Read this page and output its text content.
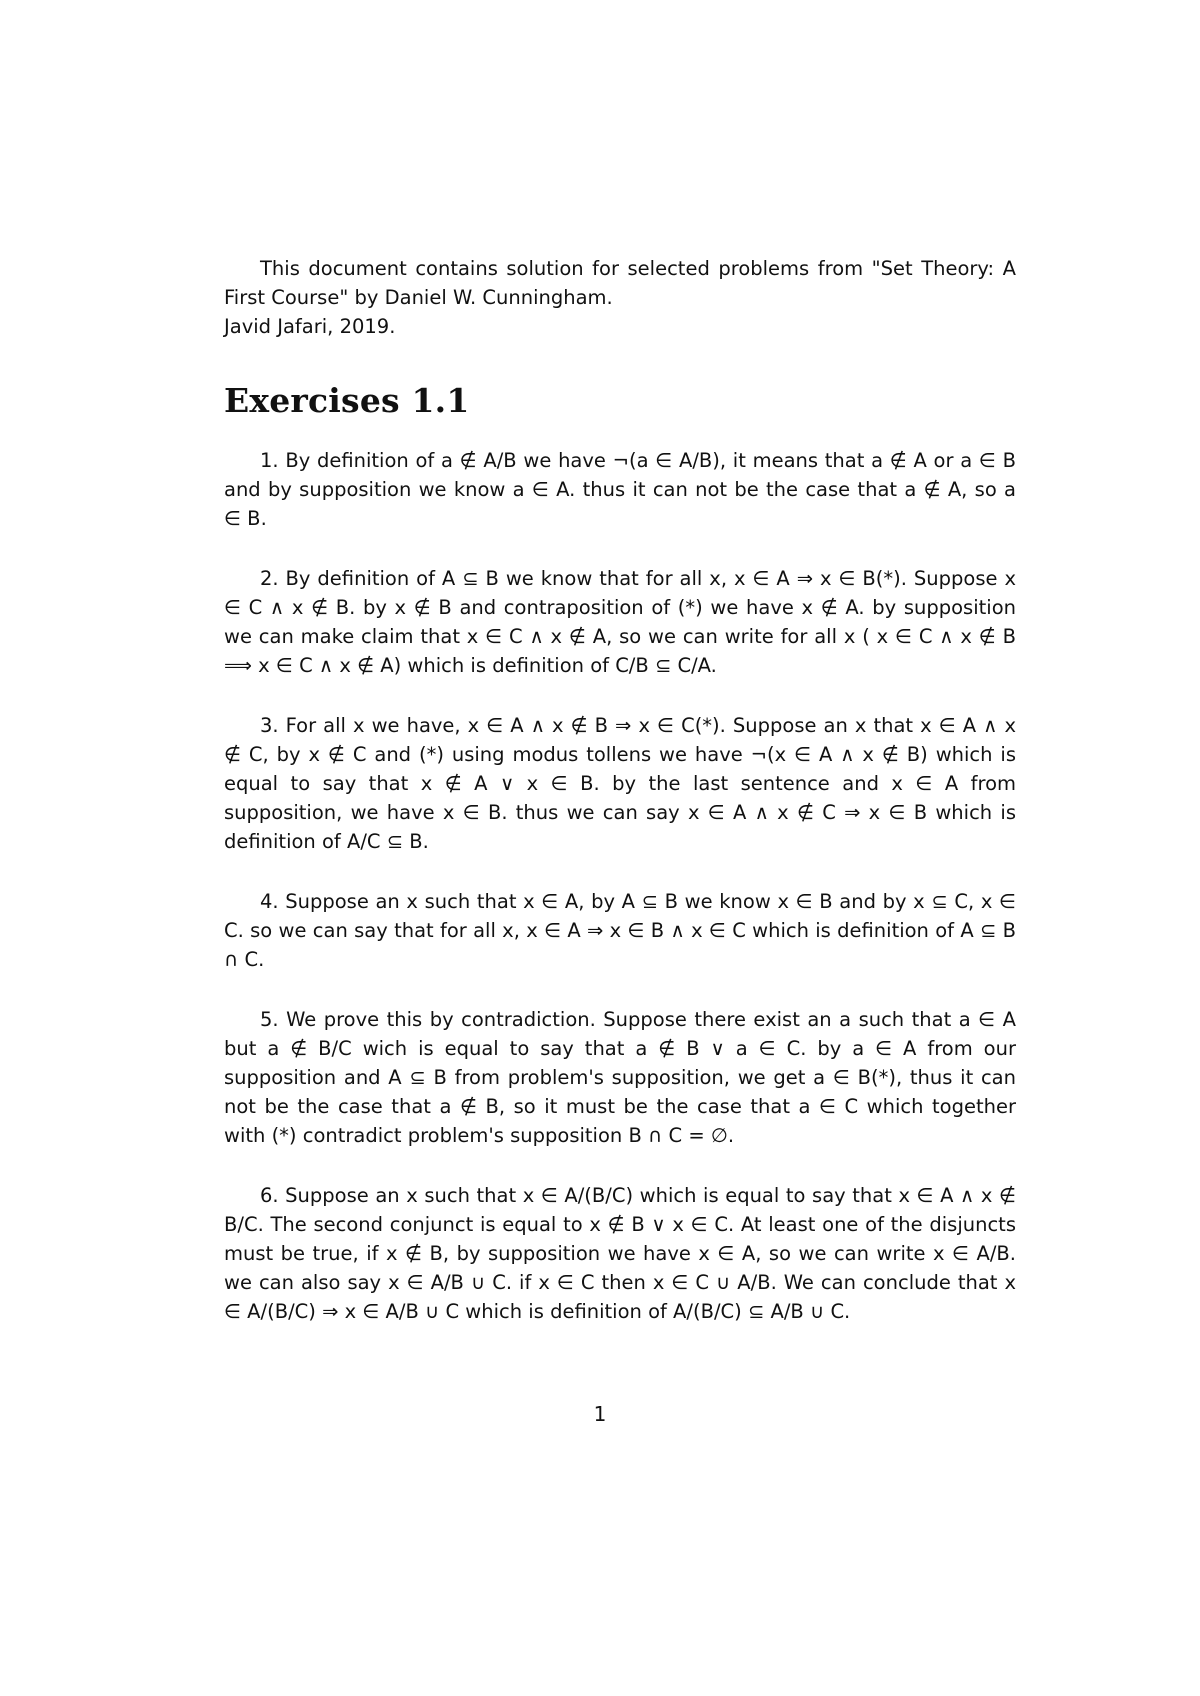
This document contains solution for selected problems from "Set Theory: A First Course" by Daniel W. Cunningham.

Javid Jafari, 2019.
Exercises 1.1

1. By definition of a ∉ A/B we have ¬(a ∈ A/B), it means that a ∉ A or a ∈ B and by supposition we know a ∈ A. thus it can not be the case that a ∉ A, so a ∈ B.

2. By definition of A ⊆ B we know that for all x, x ∈ A ⇒ x ∈ B(*). Suppose x ∈ C ∧ x ∉ B. by x ∉ B and contraposition of (*) we have x ∉ A. by supposition we can make claim that x ∈ C ∧ x ∉ A, so we can write for all x ( x ∈ C ∧ x ∉ B ⟹ x ∈ C ∧ x ∉ A) which is definition of C/B ⊆ C/A.

3. For all x we have, x ∈ A ∧ x ∉ B ⇒ x ∈ C(*). Suppose an x that x ∈ A ∧ x ∉ C, by x ∉ C and (*) using modus tollens we have ¬(x ∈ A ∧ x ∉ B) which is equal to say that x ∉ A ∨ x ∈ B. by the last sentence and x ∈ A from supposition, we have x ∈ B. thus we can say x ∈ A ∧ x ∉ C ⇒ x ∈ B which is definition of A/C ⊆ B.

4. Suppose an x such that x ∈ A, by A ⊆ B we know x ∈ B and by x ⊆ C, x ∈ C. so we can say that for all x, x ∈ A ⇒ x ∈ B ∧ x ∈ C which is definition of A ⊆ B ∩ C.

5. We prove this by contradiction. Suppose there exist an a such that a ∈ A but a ∉ B/C wich is equal to say that a ∉ B ∨ a ∈ C. by a ∈ A from our supposition and A ⊆ B from problem's supposition, we get a ∈ B(*), thus it can not be the case that a ∉ B, so it must be the case that a ∈ C which together with (*) contradict problem's supposition B ∩ C = ∅.

6. Suppose an x such that x ∈ A/(B/C) which is equal to say that x ∈ A ∧ x ∉ B/C. The second conjunct is equal to x ∉ B ∨ x ∈ C. At least one of the disjuncts must be true, if x ∉ B, by supposition we have x ∈ A, so we can write x ∈ A/B. we can also say x ∈ A/B ∪ C. if x ∈ C then x ∈ C ∪ A/B. We can conclude that x ∈ A/(B/C) ⇒ x ∈ A/B ∪ C which is definition of A/(B/C) ⊆ A/B ∪ C.

1
